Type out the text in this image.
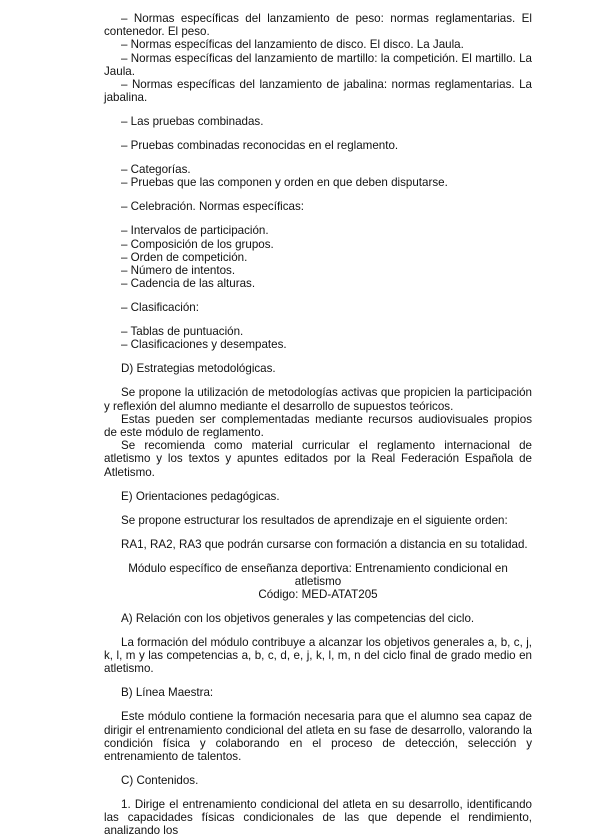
– Normas específicas del lanzamiento de peso: normas reglamentarias. El contenedor. El peso.

– Normas específicas del lanzamiento de disco. El disco. La Jaula.

– Normas específicas del lanzamiento de martillo: la competición. El martillo. La Jaula.

– Normas específicas del lanzamiento de jabalina: normas reglamentarias. La jabalina.

– Las pruebas combinadas.

– Pruebas combinadas reconocidas en el reglamento.

– Categorías.

– Pruebas que las componen y orden en que deben disputarse.

– Celebración. Normas específicas:

– Intervalos de participación.

– Composición de los grupos.

– Orden de competición.

– Número de intentos.

– Cadencia de las alturas.

– Clasificación:

– Tablas de puntuación.

– Clasificaciones y desempates.

D) Estrategias metodológicas.

Se propone la utilización de metodologías activas que propicien la participación y reflexión del alumno mediante el desarrollo de supuestos teóricos.

Estas pueden ser complementadas mediante recursos audiovisuales propios de este módulo de reglamento.

Se recomienda como material curricular el reglamento internacional de atletismo y los textos y apuntes editados por la Real Federación Española de Atletismo.

E) Orientaciones pedagógicas.

Se propone estructurar los resultados de aprendizaje en el siguiente orden:

RA1, RA2, RA3 que podrán cursarse con formación a distancia en su totalidad.

Módulo específico de enseñanza deportiva: Entrenamiento condicional en atletismo

Código: MED-ATAT205

A) Relación con los objetivos generales y las competencias del ciclo.

La formación del módulo contribuye a alcanzar los objetivos generales a, b, c, j, k, l, m y las competencias a, b, c, d, e, j, k, l, m, n del ciclo final de grado medio en atletismo.

B) Línea Maestra:

Este módulo contiene la formación necesaria para que el alumno sea capaz de dirigir el entrenamiento condicional del atleta en su fase de desarrollo, valorando la condición física y colaborando en el proceso de detección, selección y entrenamiento de talentos.

C) Contenidos.

1. Dirige el entrenamiento condicional del atleta en su desarrollo, identificando las capacidades físicas condicionales de las que depende el rendimiento, analizando los
